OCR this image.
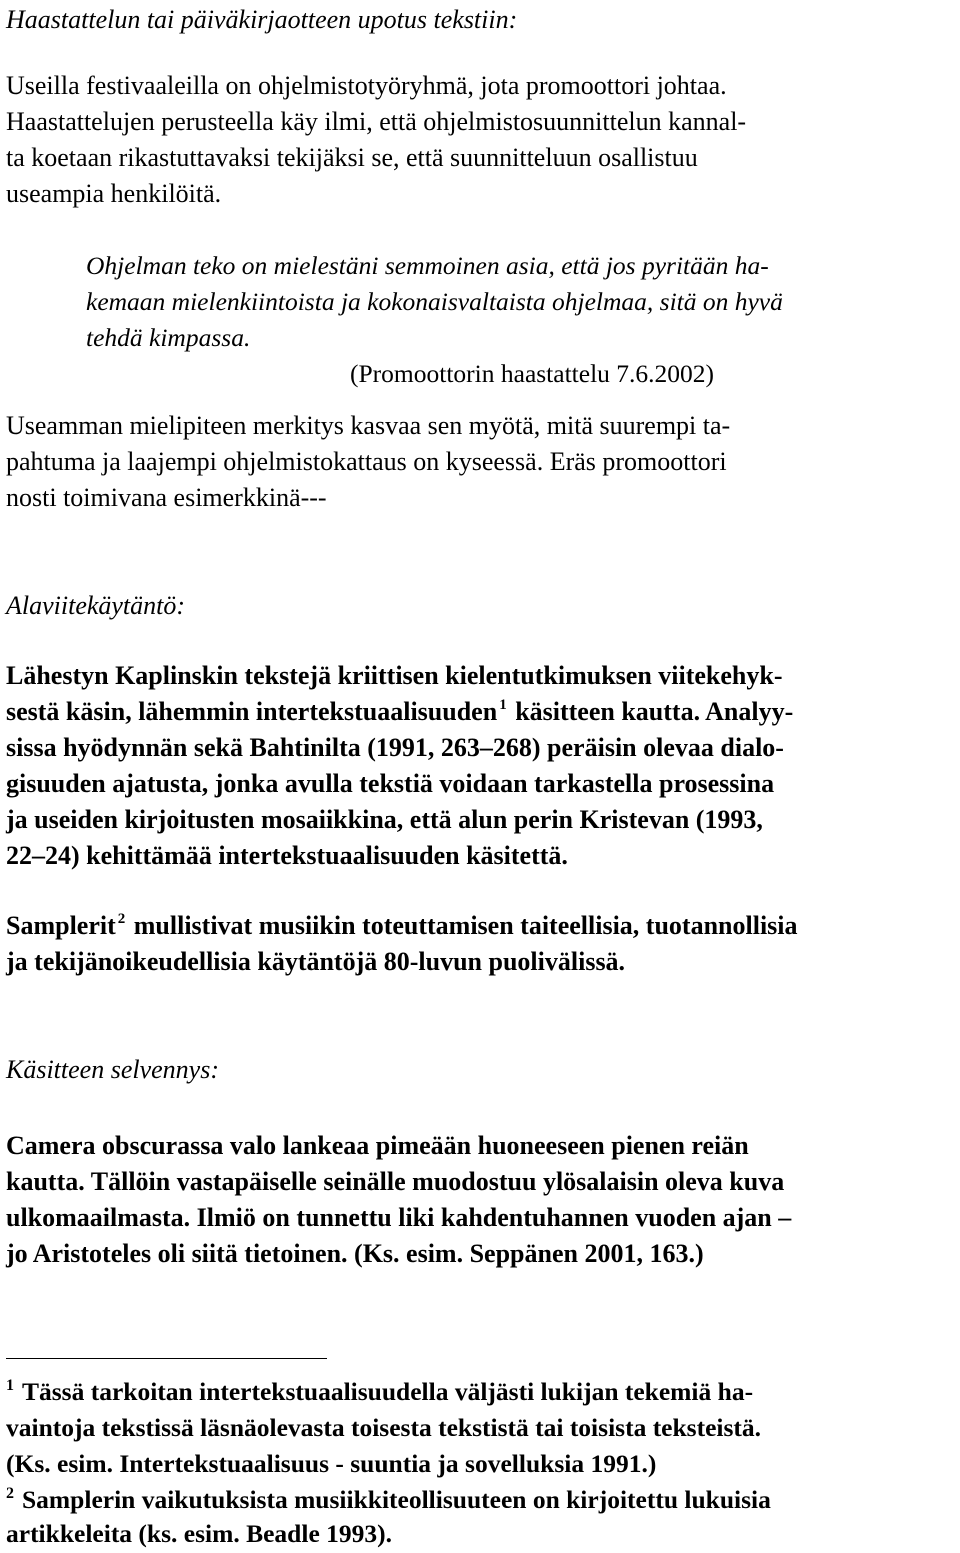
Haastattelun tai päiväkirjaotteen upotus tekstiin:
Useilla festivaaleilla on ohjelmistotyöryhmä, jota promoottori johtaa.
Haastattelujen perusteella käy ilmi, että ohjelmistosuunnittelun kannal-
ta koetaan rikastuttavaksi tekijäksi se, että suunnitteluun osallistuu
useampia henkilöitä.
Ohjelman teko on mielestäni semmoinen asia, että jos pyritään ha-
kemaan mielenkiintoista ja kokonaisvaltaista ohjelmaa, sitä on hyvä
tehdä kimpassa.
(Promoottorin haastattelu 7.6.2002)
Useamman mielipiteen merkitys kasvaa sen myötä, mitä suurempi ta-
pahtuma ja laajempi ohjelmistokattaus on kyseessä. Eräs promoottori
nosti toimivana esimerkkinä---
Alaviitekäytäntö:
Lähestyn Kaplinskin tekstejä kriittisen kielentutkimuksen viitekehyk-
sestä käsin, lähemmin intertekstuaalisuuden $^1$ käsitteen kautta. Analyy-
sissa hyödynnän sekä Bahtinilta (1991, 263–268) peräisin olevaa dialo-
gisuuden ajatusta, jonka avulla tekstiä voidaan tarkastella prosessina
ja useiden kirjoitusten mosaiikkina, että alun perin Kristevan (1993,
22–24) kehittämää intertekstuaalisuuden käsitettä.
Samplerit $^2$ mullistivat musiikin toteuttamisen taiteellisia, tuotannollisia
ja tekijänoikeudellisia käytäntöjä 80-luvun puolivälissä.
Käsitteen selvennys:
Camera obscurassa valo lankeaa pimeään huoneeseen pienen reiän
kautta. Tällöin vastapäiselle seinälle muodostuu ylösalaisin oleva kuva
ulkomaailmasta. Ilmiö on tunnettu liki kahdentuhannen vuoden ajan –
jo Aristoteles oli siitä tietoinen. (Ks. esim. Seppänen 2001, 163.)
$^1$ Tässä tarkoitan intertekstuaalisuudella väljästi lukijan tekemiä ha-
vaintoja tekstissä läsnäolevasta toisesta tekstistä tai toisista teksteistä.
(Ks. esim. Intertekstuaalisuus - suuntia ja sovelluksia 1991.)
$^2$ Samplerin vaikutuksista musiikkiteollisuuteen on kirjoitettu lukuisia
artikkeleita (ks. esim. Beadle 1993).
